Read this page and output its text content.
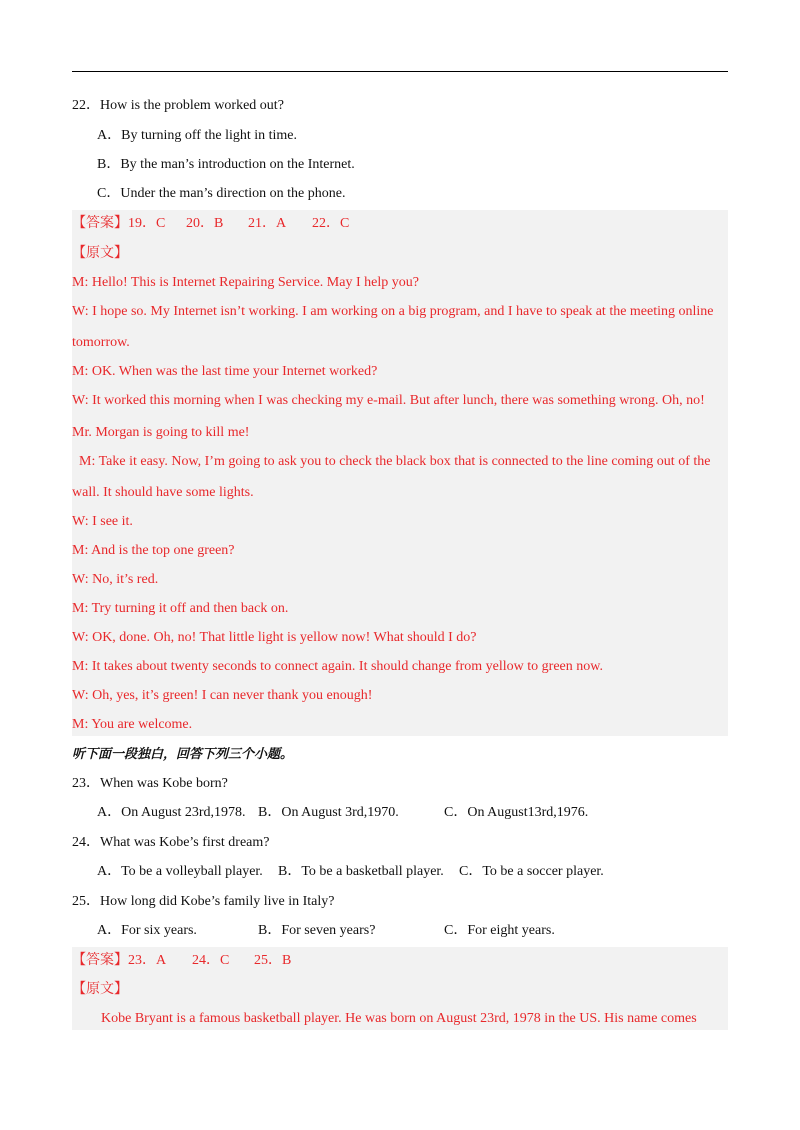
22．How is the problem worked out?
A．By turning off the light in time.
B．By the man’s introduction on the Internet.
C．Under the man’s direction on the phone.
【答案】19．C 20．B 21．A 22．C
【原文】
M: Hello! This is Internet Repairing Service. May I help you?
W: I hope so. My Internet isn’t working. I am working on a big program, and I have to speak at the meeting online
tomorrow.
M: OK. When was the last time your Internet worked?
W: It worked this morning when I was checking my e-mail. But after lunch, there was something wrong. Oh, no!
Mr. Morgan is going to kill me!
M: Take it easy. Now, I’m going to ask you to check the black box that is connected to the line coming out of the
wall. It should have some lights.
W: I see it.
M: And is the top one green?
W: No, it’s red.
M: Try turning it off and then back on.
W: OK, done. Oh, no! That little light is yellow now! What should I do?
M: It takes about twenty seconds to connect again. It should change from yellow to green now.
W: Oh, yes, it’s green! I can never thank you enough!
M: You are welcome.
听下面一段独白，回答下列三个小题。
23．When was Kobe born?
A．On August 23rd,1978. B．On August 3rd,1970.	C．On August13rd,1976.
24．What was Kobe’s first dream?
A．To be a volleyball player. B．To be a basketball player. C．To be a soccer player.
25．How long did Kobe’s family live in Italy?
A．For six years.	B．For seven years?	C．For eight years.
【答案】23．A 24．C 25．B
【原文】
Kobe Bryant is a famous basketball player. He was born on August 23rd, 1978 in the US. His name comes
